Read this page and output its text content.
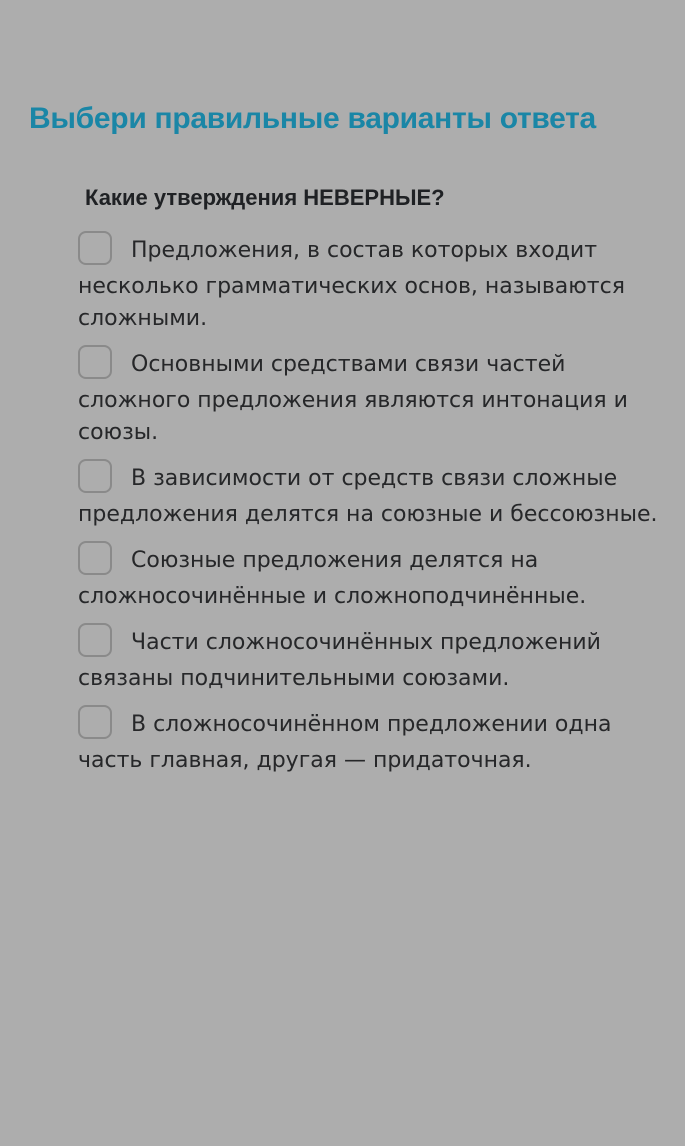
Выбери правильные варианты ответа
Какие утверждения НЕВЕРНЫЕ?
Предложения, в состав которых входит
несколько грамматических основ, называются сложными.
Основными средствами связи частей
сложного предложения являются интонация и союзы.
В зависимости от средств связи сложные
предложения делятся на союзные и бессоюзные.
Союзные предложения делятся на
сложносочинённые и сложноподчинённые.
Части сложносочинённых предложений
связаны подчинительными союзами.
В сложносочинённом предложении одна
часть главная, другая — придаточная.
